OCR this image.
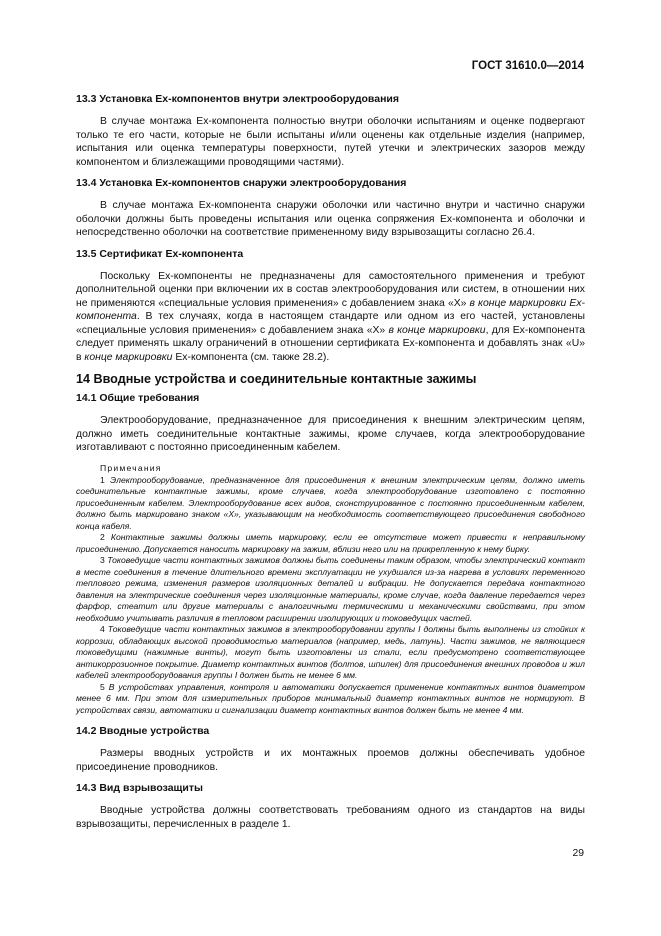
ГОСТ 31610.0—2014
13.3 Установка Ex-компонентов внутри электрооборудования

В случае монтажа Ex-компонента полностью внутри оболочки испытаниям и оценке подвергают только те его части, которые не были испытаны и/или оценены как отдельные изделия (например, испытания или оценка температуры поверхности, путей утечки и электрических зазоров между компонентом и близлежащими проводящими частями).

13.4 Установка Ex-компонентов снаружи электрооборудования

В случае монтажа Ex-компонента снаружи оболочки или частично внутри и частично снаружи оболочки должны быть проведены испытания или оценка сопряжения Ex-компонента и оболочки и непосредственно оболочки на соответствие примененному виду взрывозащиты согласно 26.4.

13.5 Сертификат Ex-компонента

Поскольку Ex-компоненты не предназначены для самостоятельного применения и требуют дополнительной оценки при включении их в состав электрооборудования или систем, в отношении них не применяются «специальные условия применения» с добавлением знака «X» в конце маркировки Ex-компонента. В тех случаях, когда в настоящем стандарте или одном из его частей, установлены «специальные условия применения» с добавлением знака «X» в конце маркировки, для Ex-компонента следует применять шкалу ограничений в отношении сертификата Ex-компонента и добавлять знак «U» в конце маркировки Ex-компонента (см. также 28.2).

14 Вводные устройства и соединительные контактные зажимы
14.1 Общие требования

Электрооборудование, предназначенное для присоединения к внешним электрическим цепям, должно иметь соединительные контактные зажимы, кроме случаев, когда электрооборудование изготавливают с постоянно присоединенным кабелем.

Примечания

1 Электрооборудование, предназначенное для присоединения к внешним электрическим цепям, должно иметь соединительные контактные зажимы, кроме случаев, когда электрооборудование изготовлено с постоянно присоединенным кабелем. Электрооборудование всех видов, сконструированное с постоянно присоединенным кабелем, должно быть маркировано знаком «X», указывающим на необходимость соответствующего присоединения свободного конца кабеля.

2 Контактные зажимы должны иметь маркировку, если ее отсутствие может привести к неправильному присоединению. Допускается наносить маркировку на зажим, вблизи него или на прикрепленную к нему бирку.

3 Токоведущие части контактных зажимов должны быть соединены таким образом, чтобы электрический контакт в месте соединения в течение длительного времени эксплуатации не ухудшался из-за нагрева в условиях переменного теплового режима, изменения размеров изоляционных деталей и вибрации. Не допускается передача контактного давления на электрические соединения через изоляционные материалы, кроме случае, когда давление передается через фарфор, стеатит или другие материалы с аналогичными термическими и механическими свойствами, при этом необходимо учитывать различия в тепловом расширении изолирующих и токоведущих частей.

4 Токоведущие части контактных зажимов в электрооборудовании группы I должны быть выполнены из стойких к коррозии, обладающих высокой проводимостью материалов (например, медь, латунь). Части зажимов, не являющиеся токоведущими (нажимные винты), могут быть изготовлены из стали, если предусмотрено соответствующее антикоррозионное покрытие. Диаметр контактных винтов (болтов, шпилек) для присоединения внешних проводов и жил кабелей электрооборудования группы I должен быть не менее 6 мм.

5 В устройствах управления, контроля и автоматики допускается применение контактных винтов диаметром менее 6 мм. При этом для измерительных приборов минимальный диаметр контактных винтов не нормируют. В устройствах связи, автоматики и сигнализации диаметр контактных винтов должен быть не менее 4 мм.

14.2 Вводные устройства

Размеры вводных устройств и их монтажных проемов должны обеспечивать удобное присоединение проводников.

14.3 Вид взрывозащиты

Вводные устройства должны соответствовать требованиям одного из стандартов на виды взрывозащиты, перечисленных в разделе 1.

29
